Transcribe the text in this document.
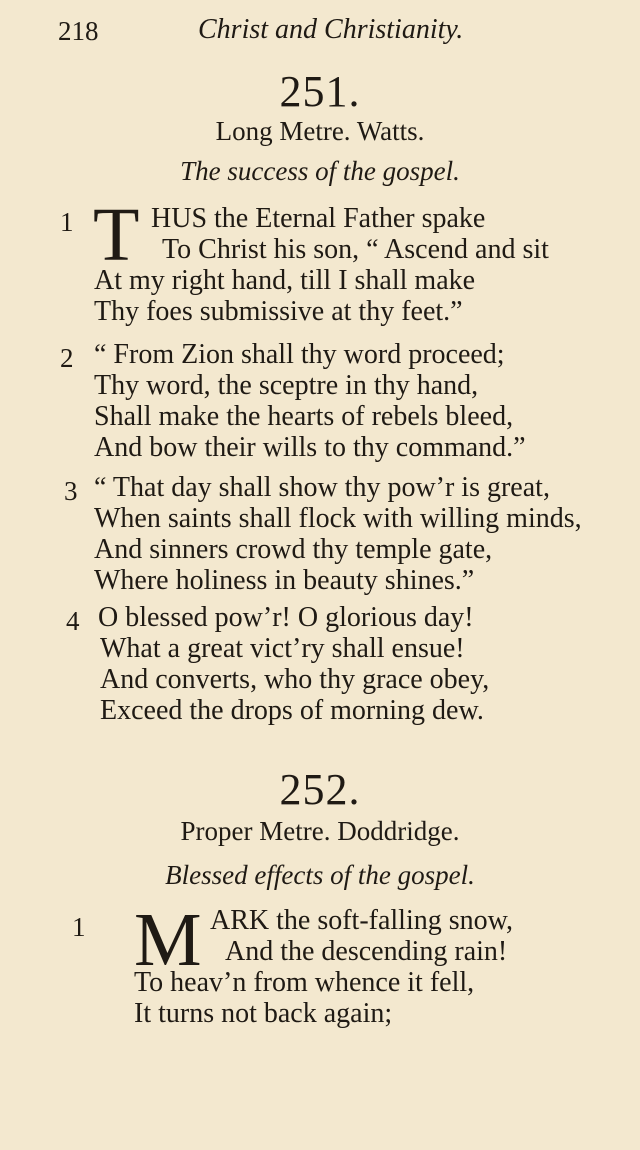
218	Christ and Christianity.
251.
Long Metre. Watts.
The success of the gospel.
1 T HUS the Eternal Father spake
To Christ his son, “ Ascend and sit
At my right hand, till I shall make
Thy foes submissive at thy feet.”
2 “ From Zion shall thy word proceed;
Thy word, the sceptre in thy hand,
Shall make the hearts of rebels bleed,
And bow their wills to thy command.”
3 “ That day shall show thy pow’r is great,
When saints shall flock with willing minds,
And sinners crowd thy temple gate,
Where holiness in beauty shines.”
4 O blessed pow’r! O glorious day!
What a great vict’ry shall ensue!
And converts, who thy grace obey,
Exceed the drops of morning dew.
252.
Proper Metre. Doddridge.
Blessed effects of the gospel.
1 M ARK the soft-falling snow,
And the descending rain!
To heav’n from whence it fell,
It turns not back again;
